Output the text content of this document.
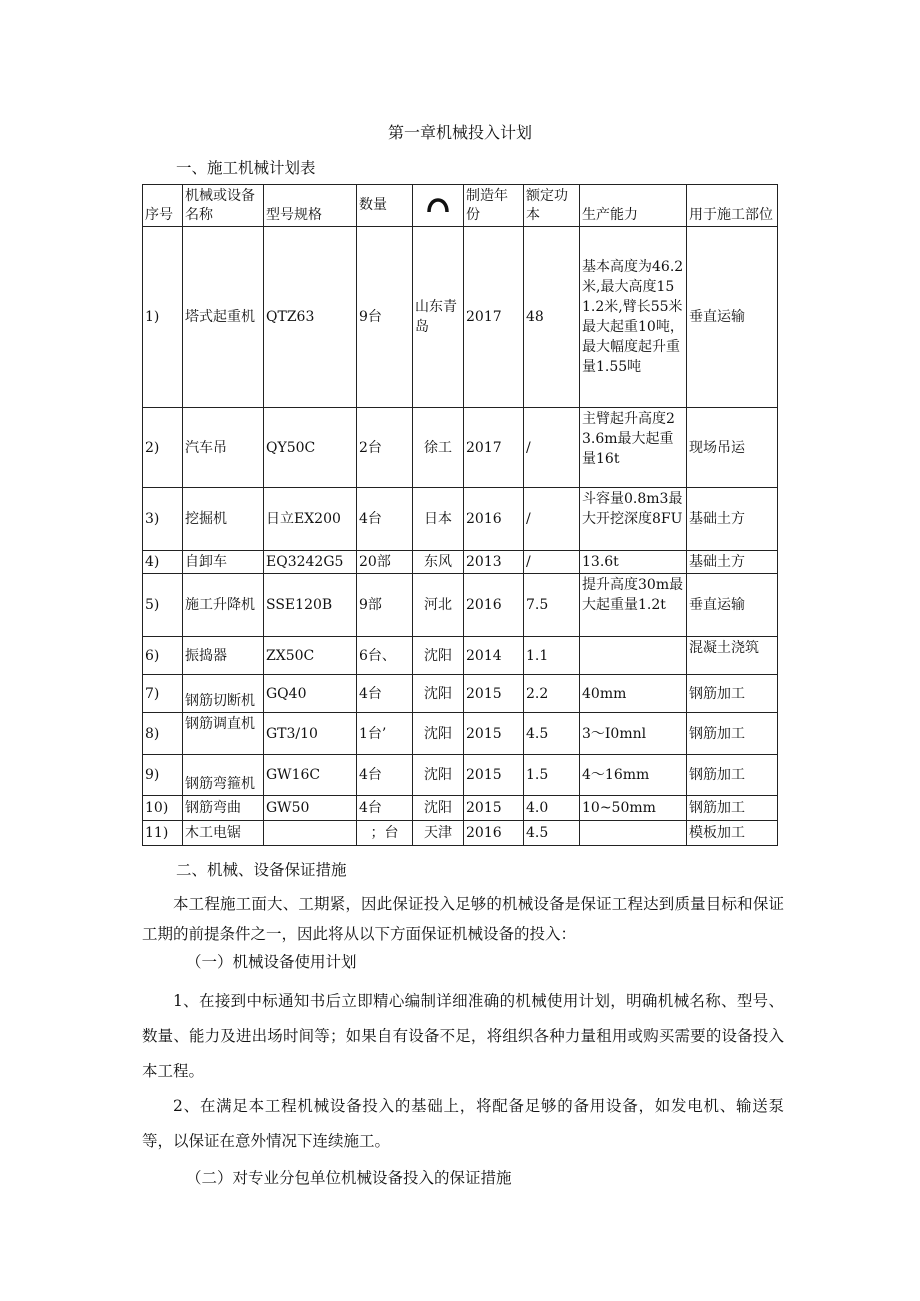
第一章机械投入计划
一、施工机械计划表
序号	机械或设备名称	型号规格	数量		制造年份	额定功本	生产能力	用于施工部位
1)	塔式起重机	QTZ63	9台	山东青岛	2017	48	基本高度为46.2米,最大高度151.2米,臂长55米最大起重10吨，最大幅度起升重量1.55吨	垂直运输
2)	汽车吊	QY50C	2台	徐工	2017	/	主臂起升高度23.6m最大起重量16t	现场吊运
3)	挖掘机	日立EX200	4台	日本	2016	/	斗容量0.8m3最大开挖深度8FU	基础土方
4)	自卸车	EQ3242G5	20部	东风	2013	/	13.6t	基础土方
5)	施工升降机	SSE120B	9部	河北	2016	7.5	提升高度30m最大起重量1.2t	垂直运输
6)	振捣器	ZX50C	6台、	沈阳	2014	1.1		混凝土浇筑
7)	钢筋切断机	GQ40	4台	沈阳	2015	2.2	40mm	钢筋加工
8)	钢筋调直机	GT3/10	1台’	沈阳	2015	4.5	3～I0mnl	钢筋加工
9)	钢筋弯箍机	GW16C	4台	沈阳	2015	1.5	4～16mm	钢筋加工
10)	钢筋弯曲	GW50	4台	沈阳	2015	4.0	10~50mm	钢筋加工
11)	木工电锯		；台	天津	2016	4.5		模板加工
二、机械、设备保证措施
本工程施工面大、工期紧，因此保证投入足够的机械设备是保证工程达到质量目标和保证工期的前提条件之一，因此将从以下方面保证机械设备的投入：
（一）机械设备使用计划
1、在接到中标通知书后立即精心编制详细准确的机械使用计划，明确机械名称、型号、数量、能力及进出场时间等；如果自有设备不足，将组织各种力量租用或购买需要的设备投入本工程。
2、在满足本工程机械设备投入的基础上，将配备足够的备用设备，如发电机、输送泵等，以保证在意外情况下连续施工。
（二）对专业分包单位机械设备投入的保证措施
